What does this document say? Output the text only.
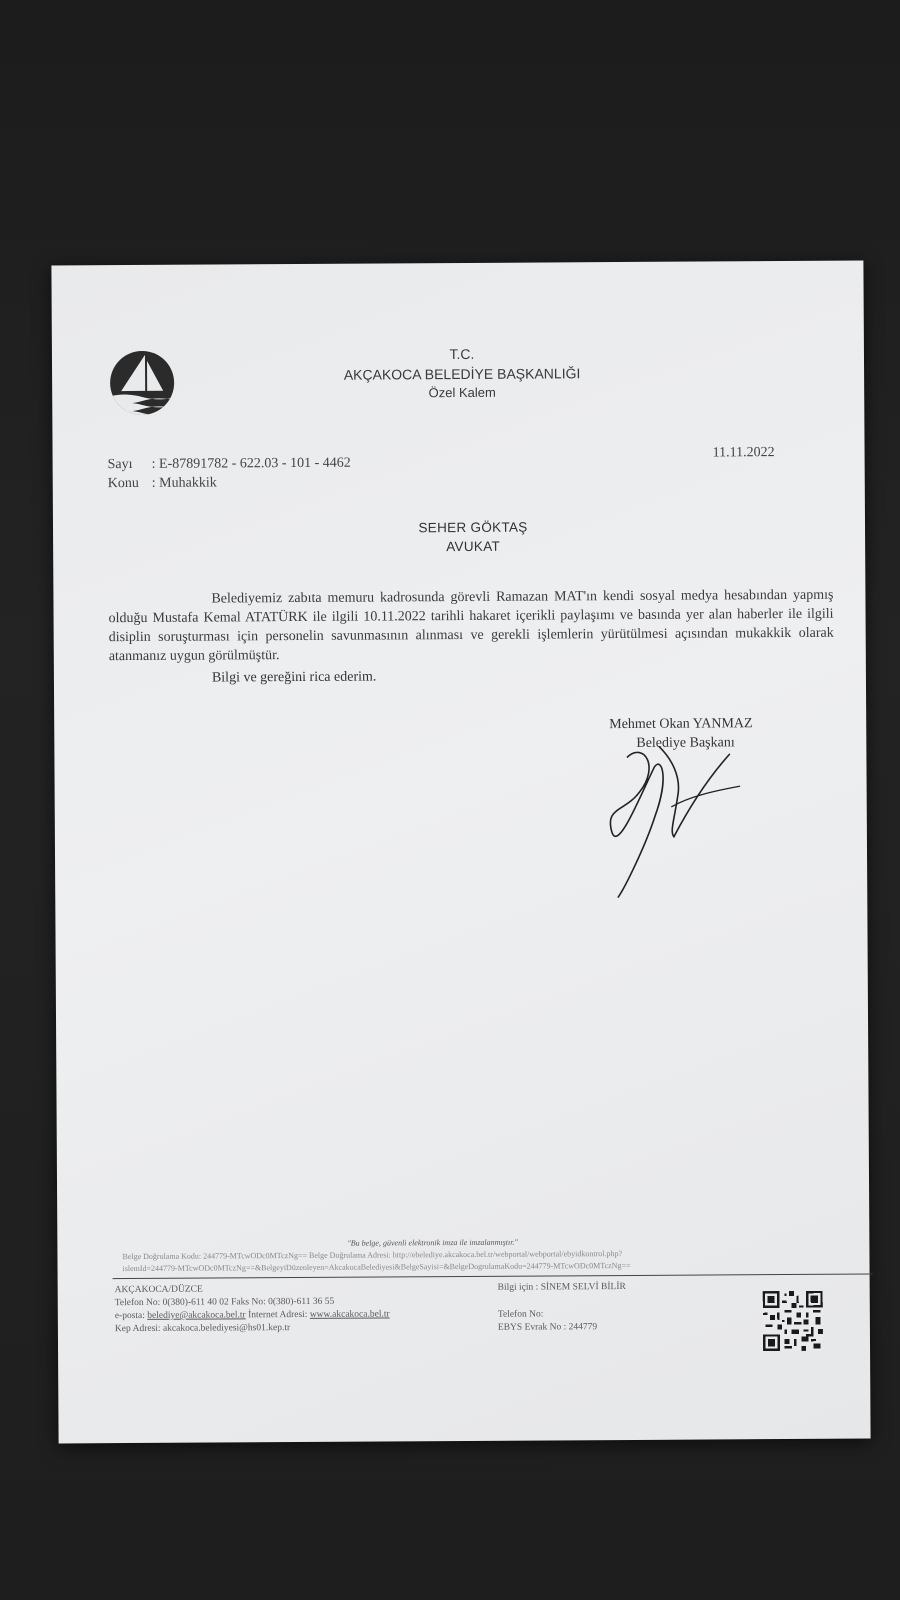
T.C.
AKÇAKOCA BELEDİYE BAŞKANLIĞI
Özel Kalem
Sayı : E-87891782 - 622.03 - 101 - 4462
Konu : Muhakkik
11.11.2022
SEHER GÖKTAŞ
AVUKAT
Belediyemiz zabıta memuru kadrosunda görevli Ramazan MAT'ın kendi sosyal medya hesabından yapmış olduğu Mustafa Kemal ATATÜRK ile ilgili 10.11.2022 tarihli hakaret içerikli paylaşımı ve basında yer alan haberler ile ilgili disiplin soruşturması için personelin savunmasının alınması ve gerekli işlemlerin yürütülmesi açısından mukakkik olarak atanmanız uygun görülmüştür.
Bilgi ve gereğini rica ederim.
Mehmet Okan YANMAZ
Belediye Başkanı
"Bu belge, güvenli elektronik imza ile imzalanmıştır."
Belge Doğrulama Kodu: 244779-MTcwODc0MTczNg== Belge Doğrulama Adresi: http://ebelediye.akcakoca.bel.tr/webportal/webportal/ebyidkontrol.php?
islemId=244779-MTcwODc0MTczNg==&BelgeyiDüzenleyen=AkcakocaBelediyesi&BelgeSayisi=&BelgeDogrulamaKodu=244779-MTcwODc0MTczNg==
AKÇAKOCA/DÜZCE
Telefon No: 0(380)-611 40 02 Faks No: 0(380)-611 36 55
e-posta: belediye@akcakoca.bel.tr İnternet Adresi: www.akcakoca.bel.tr
Kep Adresi: akcakoca.belediyesi@hs01.kep.tr
Bilgi için : SİNEM SELVİ BİLİR
Telefon No:
EBYS Evrak No : 244779
